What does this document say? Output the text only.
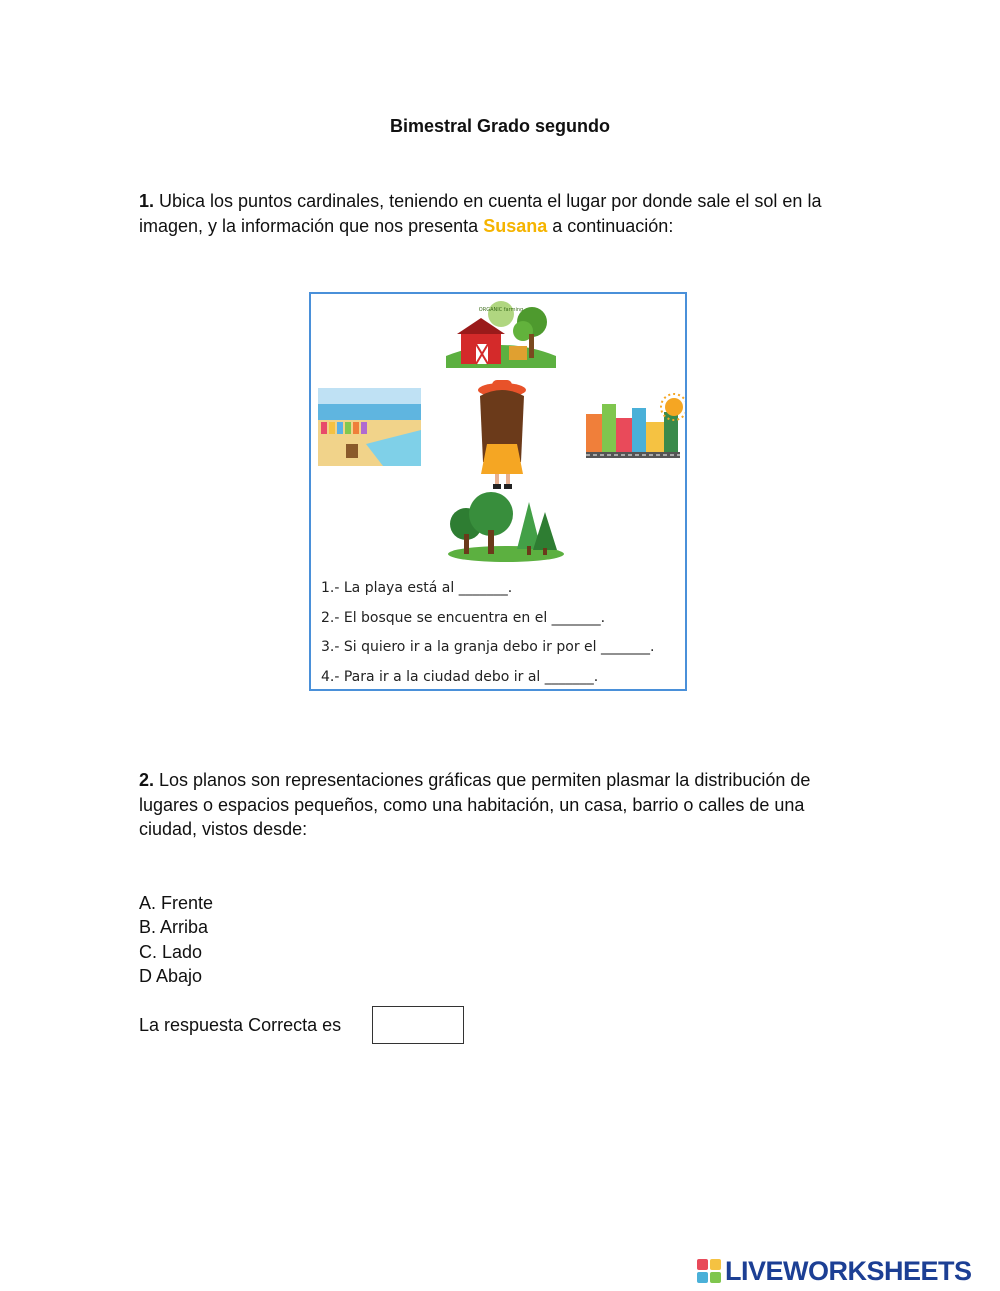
Bimestral Grado segundo
1. Ubica los puntos cardinales, teniendo en cuenta el lugar por donde sale el sol en la imagen, y la información que nos presenta Susana a continuación:
ORGANIC farming
1.- La playa está al _______.
2.- El bosque se encuentra en el _______.
3.- Si quiero ir a la granja debo ir por el _______.
4.- Para ir a la ciudad debo ir al _______.
2. Los planos son representaciones gráficas que permiten plasmar la distribución de lugares o espacios pequeños, como una habitación, un casa, barrio o calles de una ciudad, vistos desde:
A. Frente
B. Arriba
C. Lado
D Abajo
La respuesta Correcta es
LIVEWORKSHEETS
